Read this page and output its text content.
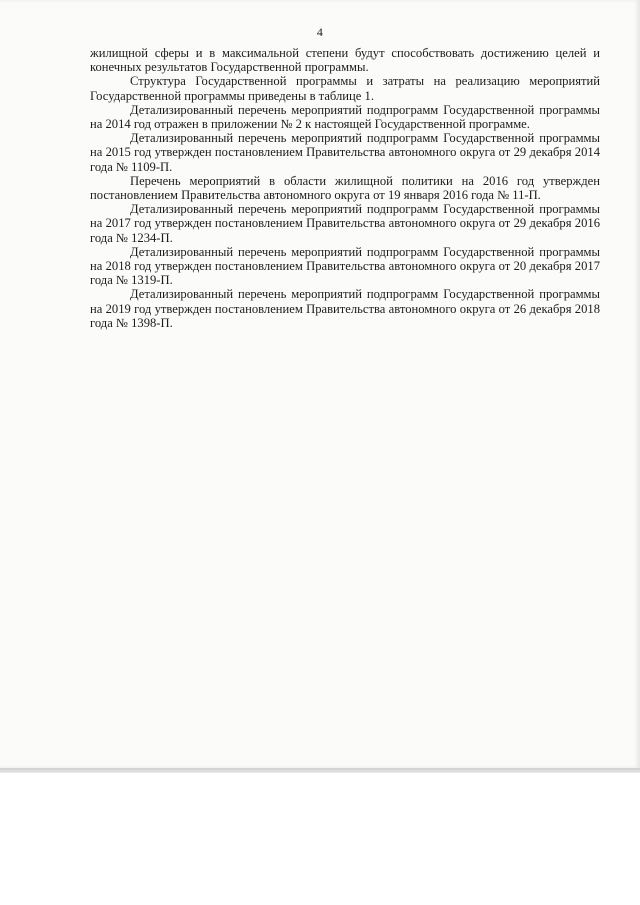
4

жилищной сферы и в максимальной степени будут способствовать достижению целей и конечных результатов Государственной программы.

Структура Государственной программы и затраты на реализацию мероприятий Государственной программы приведены в таблице 1.

Детализированный перечень мероприятий подпрограмм Государственной программы на 2014 год отражен в приложении № 2 к настоящей Государственной программе.

Детализированный перечень мероприятий подпрограмм Государственной программы на 2015 год утвержден постановлением Правительства автономного округа от 29 декабря 2014 года № 1109-П.

Перечень мероприятий в области жилищной политики на 2016 год утвержден постановлением Правительства автономного округа от 19 января 2016 года № 11-П.

Детализированный перечень мероприятий подпрограмм Государственной программы на 2017 год утвержден постановлением Правительства автономного округа от 29 декабря 2016 года № 1234-П.

Детализированный перечень мероприятий подпрограмм Государственной программы на 2018 год утвержден постановлением Правительства автономного округа от 20 декабря 2017 года № 1319-П.

Детализированный перечень мероприятий подпрограмм Государственной программы на 2019 год утвержден постановлением Правительства автономного округа от 26 декабря 2018 года № 1398-П.
